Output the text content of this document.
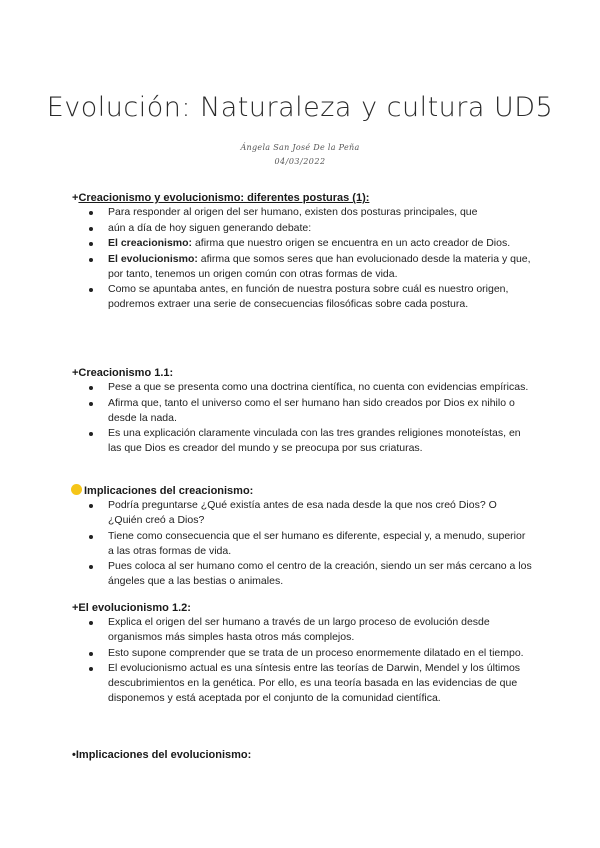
Evolución: Naturaleza y cultura UD5
Ángela San José De la Peña
04/03/2022

+Creacionismo y evolucionismo: diferentes posturas (1):

Para responder al origen del ser humano, existen dos posturas principales, que
aún a día de hoy siguen generando debate:
El creacionismo: afirma que nuestro origen se encuentra en un acto creador de Dios.
El evolucionismo: afirma que somos seres que han evolucionado desde la materia y que, por tanto, tenemos un origen común con otras formas de vida.
Como se apuntaba antes, en función de nuestra postura sobre cuál es nuestro origen, podremos extraer una serie de consecuencias filosóficas sobre cada postura.

+Creacionismo 1.1:

Pese a que se presenta como una doctrina científica, no cuenta con evidencias empíricas.
Afirma que, tanto el universo como el ser humano han sido creados por Dios ex nihilo o desde la nada.
Es una explicación claramente vinculada con las tres grandes religiones monoteístas, en las que Dios es creador del mundo y se preocupa por sus criaturas.

Implicaciones del creacionismo:

Podría preguntarse ¿Qué existía antes de esa nada desde la que nos creó Dios? O ¿Quién creó a Dios?
Tiene como consecuencia que el ser humano es diferente, especial y, a menudo, superior a las otras formas de vida.
Pues coloca al ser humano como el centro de la creación, siendo un ser más cercano a los ángeles que a las bestias o animales.

+El evolucionismo 1.2:

Explica el origen del ser humano a través de un largo proceso de evolución desde organismos más simples hasta otros más complejos.
Esto supone comprender que se trata de un proceso enormemente dilatado en el tiempo.
El evolucionismo actual es una síntesis entre las teorías de Darwin, Mendel y los últimos descubrimientos en la genética. Por ello, es una teoría basada en las evidencias de que disponemos y está aceptada por el conjunto de la comunidad científica.

•Implicaciones del evolucionismo:
